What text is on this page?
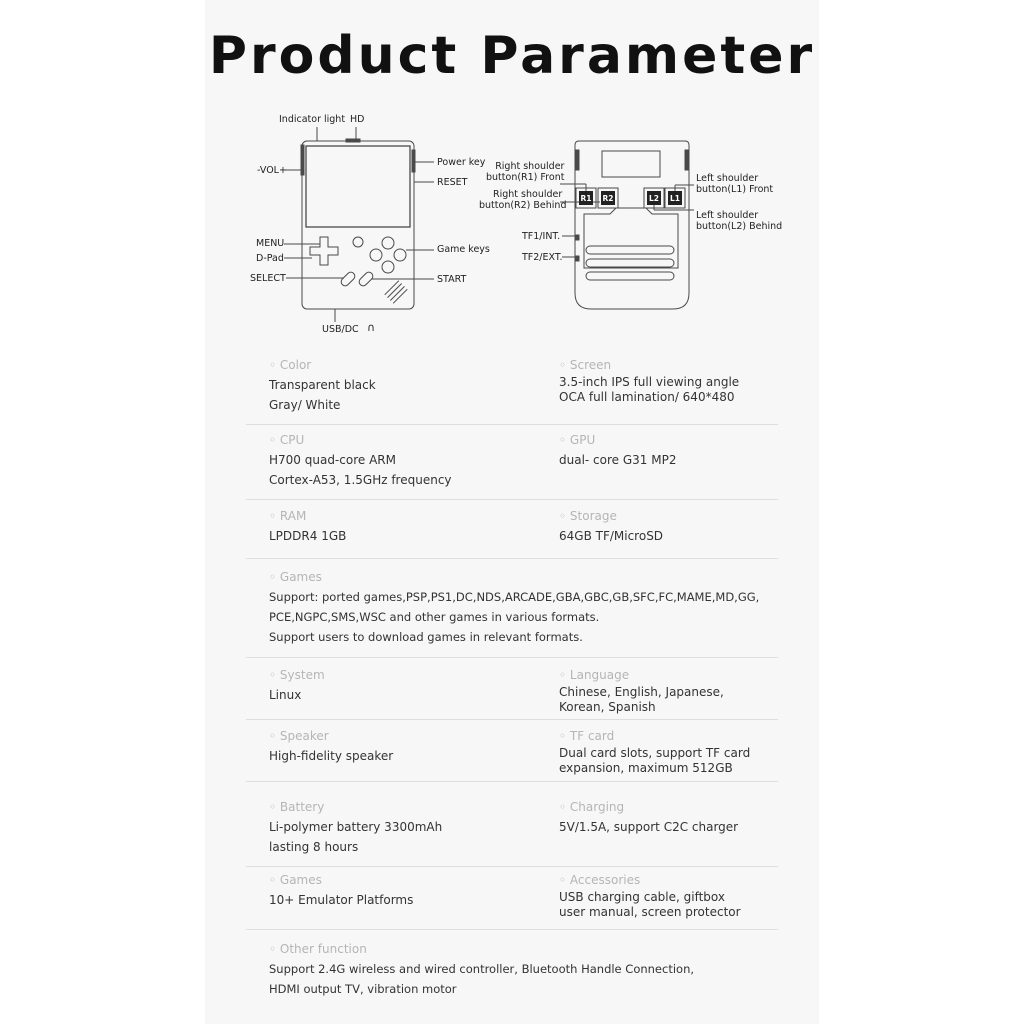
Product Parameter
R1 R2	L2 L1
Indicator light HD
-VOL+
Power key
RESET
MENU
D-Pad
SELECT
Game keys
START
USB/DC ∩
Right shoulder
button(R1) Front
Right shoulder
button(R2) Behind
Left shoulder
button(L1) Front
Left shoulder
button(L2) Behind
TF1/INT.
TF2/EXT.
◦ Color
Transparent black
Gray/ White
◦ Screen
3.5-inch IPS full viewing angle
OCA full lamination/ 640*480
◦ CPU
H700 quad-core ARM
Cortex-A53, 1.5GHz frequency
◦ GPU
dual- core G31 MP2
◦ RAM
LPDDR4 1GB
◦ Storage
64GB TF/MicroSD
◦ Games
Support: ported games,PSP,PS1,DC,NDS,ARCADE,GBA,GBC,GB,SFC,FC,MAME,MD,GG,
PCE,NGPC,SMS,WSC and other games in various formats.
Support users to download games in relevant formats.
◦ System
Linux
◦ Language
Chinese, English, Japanese,
Korean, Spanish
◦ Speaker
High-fidelity speaker
◦ TF card
Dual card slots, support TF card
expansion, maximum 512GB
◦ Battery
Li-polymer battery 3300mAh
lasting 8 hours
◦ Charging
5V/1.5A, support C2C charger
◦ Games
10+ Emulator Platforms
◦ Accessories
USB charging cable, giftbox
user manual, screen protector
◦ Other function
Support 2.4G wireless and wired controller, Bluetooth Handle Connection,
HDMI output TV, vibration motor
